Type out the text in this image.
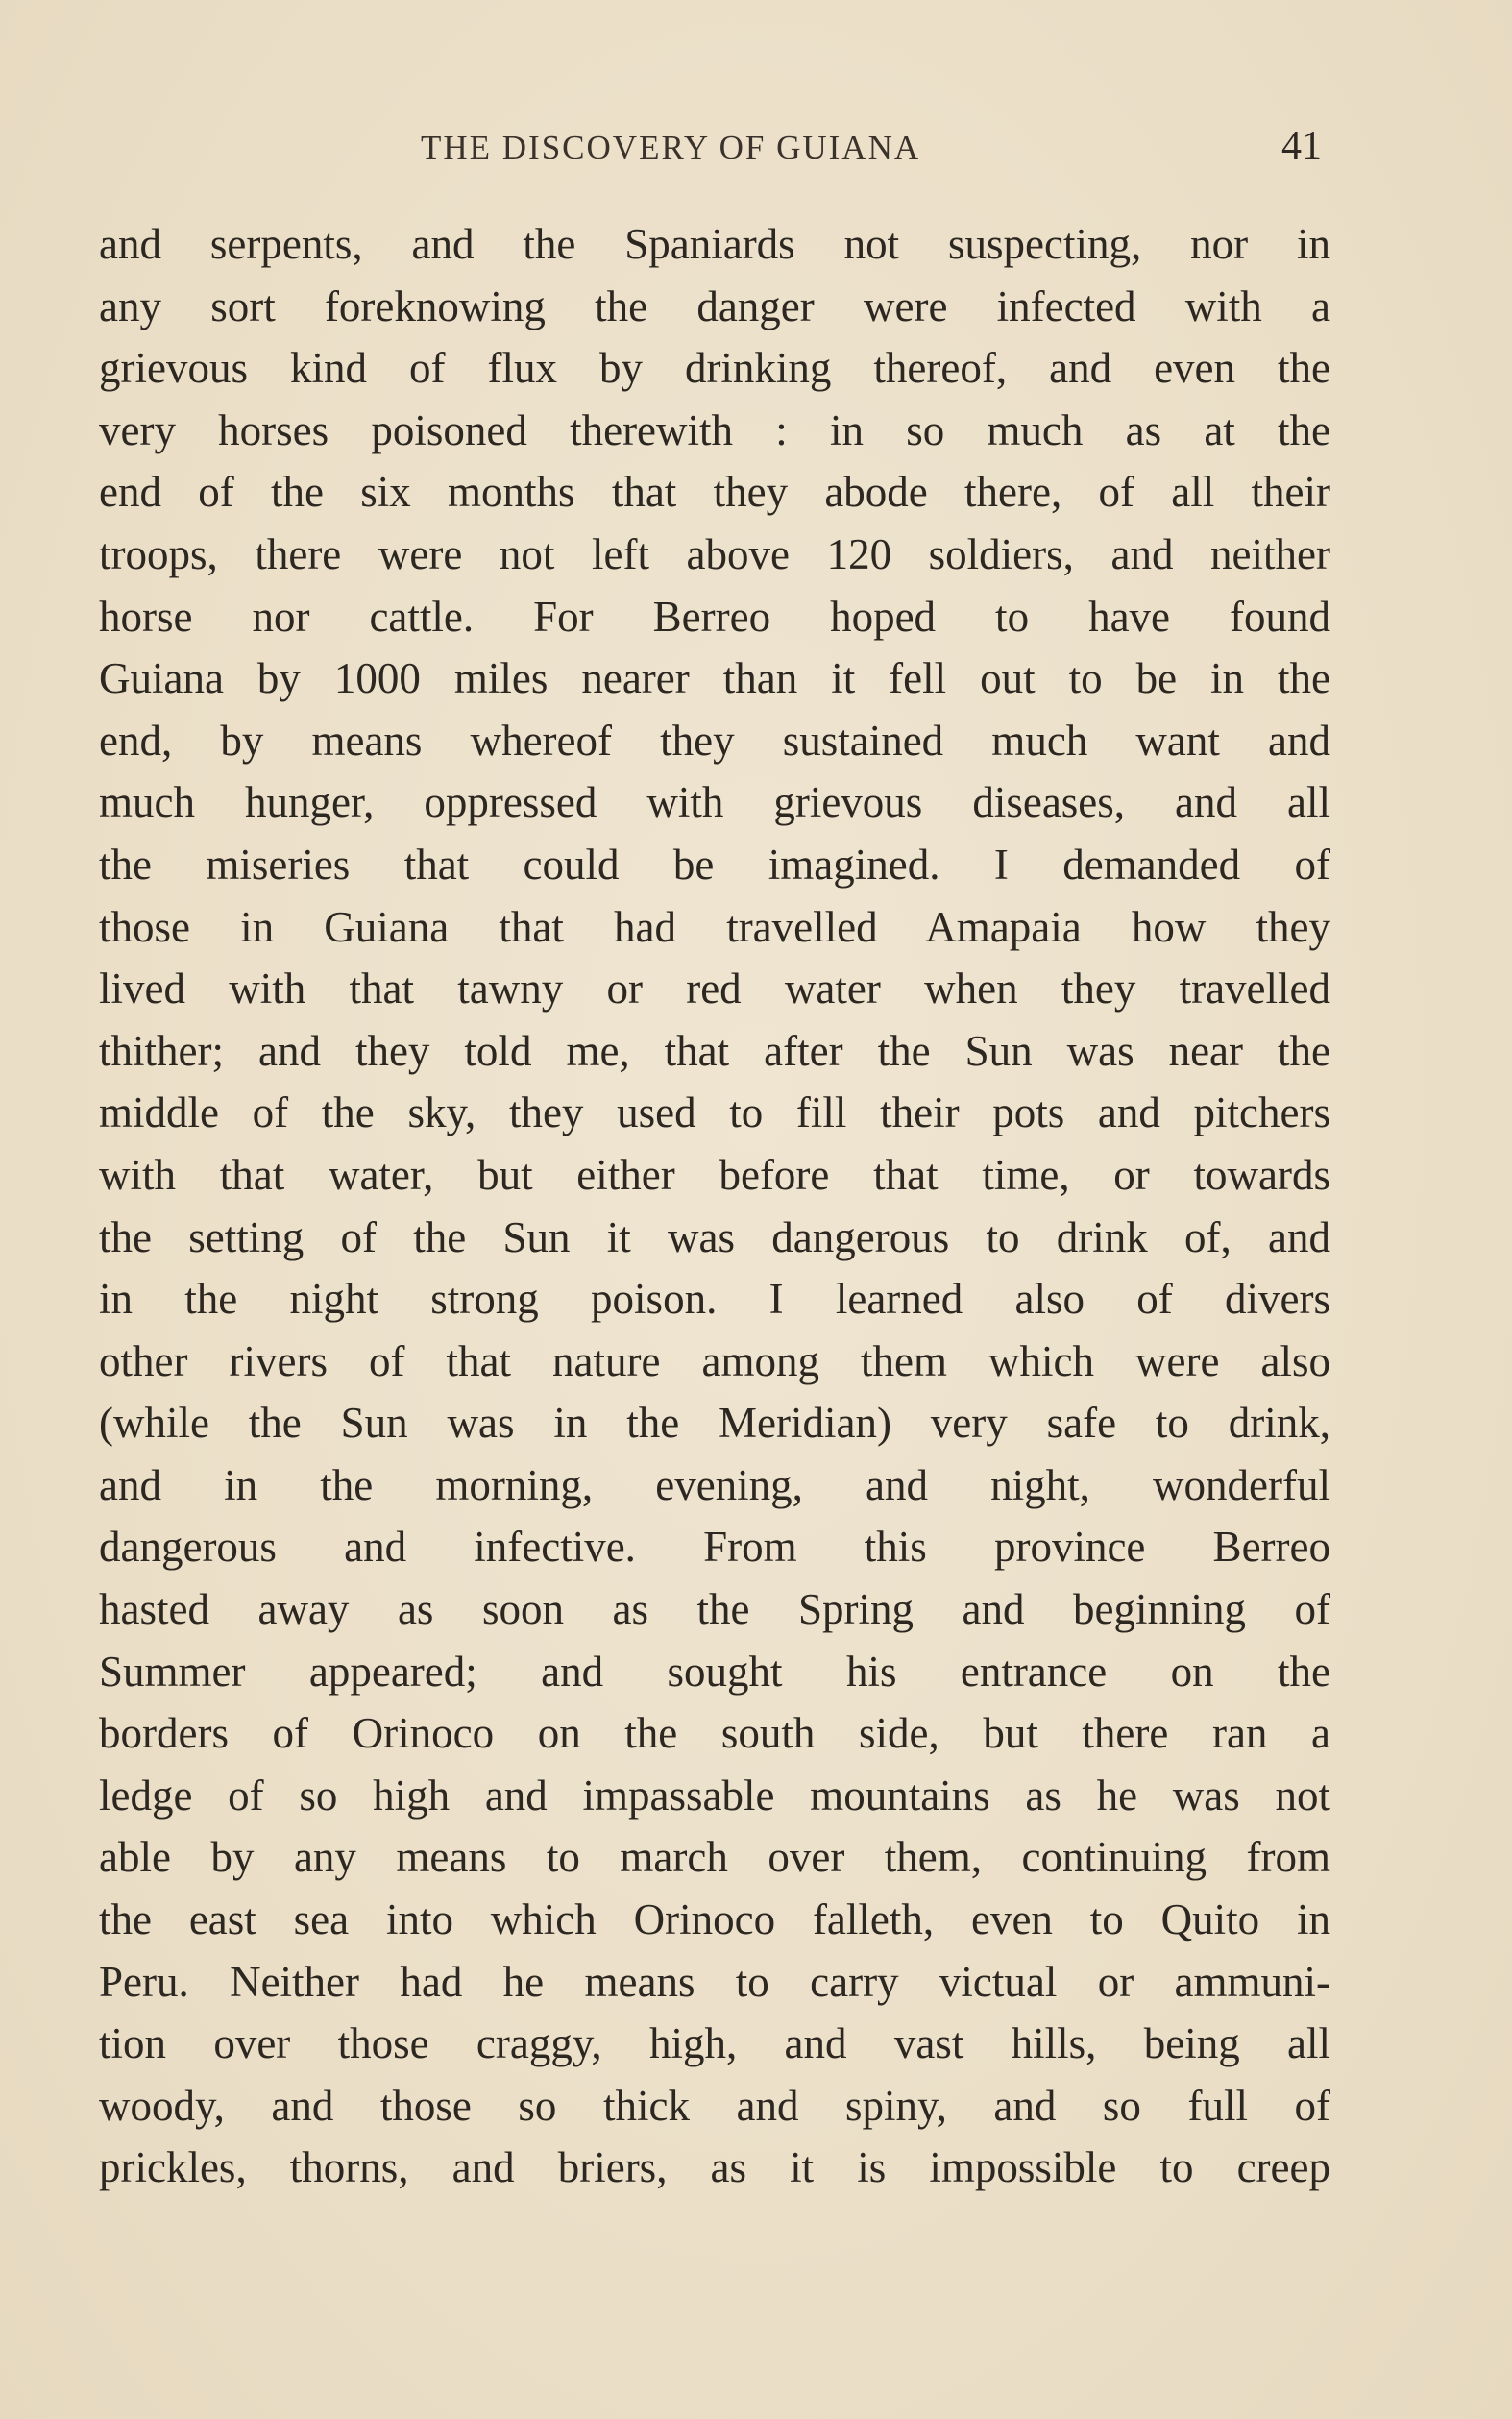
THE DISCOVERY OF GUIANA	41
and serpents, and the Spaniards not suspecting, nor in
any sort foreknowing the danger were infected with a
grievous kind of flux by drinking thereof, and even the
very horses poisoned therewith : in so much as at the
end of the six months that they abode there, of all their
troops, there were not left above 120 soldiers, and neither
horse nor cattle. For Berreo hoped to have found
Guiana by 1000 miles nearer than it fell out to be in the
end, by means whereof they sustained much want and
much hunger, oppressed with grievous diseases, and all
the miseries that could be imagined. I demanded of
those in Guiana that had travelled Amapaia how they
lived with that tawny or red water when they travelled
thither; and they told me, that after the Sun was near the
middle of the sky, they used to fill their pots and pitchers
with that water, but either before that time, or towards
the setting of the Sun it was dangerous to drink of, and
in the night strong poison. I learned also of divers
other rivers of that nature among them which were also
(while the Sun was in the Meridian) very safe to drink,
and in the morning, evening, and night, wonderful
dangerous and infective. From this province Berreo
hasted away as soon as the Spring and beginning of
Summer appeared; and sought his entrance on the
borders of Orinoco on the south side, but there ran a
ledge of so high and impassable mountains as he was not
able by any means to march over them, continuing from
the east sea into which Orinoco falleth, even to Quito in
Peru. Neither had he means to carry victual or ammuni-
tion over those craggy, high, and vast hills, being all
woody, and those so thick and spiny, and so full of
prickles, thorns, and briers, as it is impossible to creep
